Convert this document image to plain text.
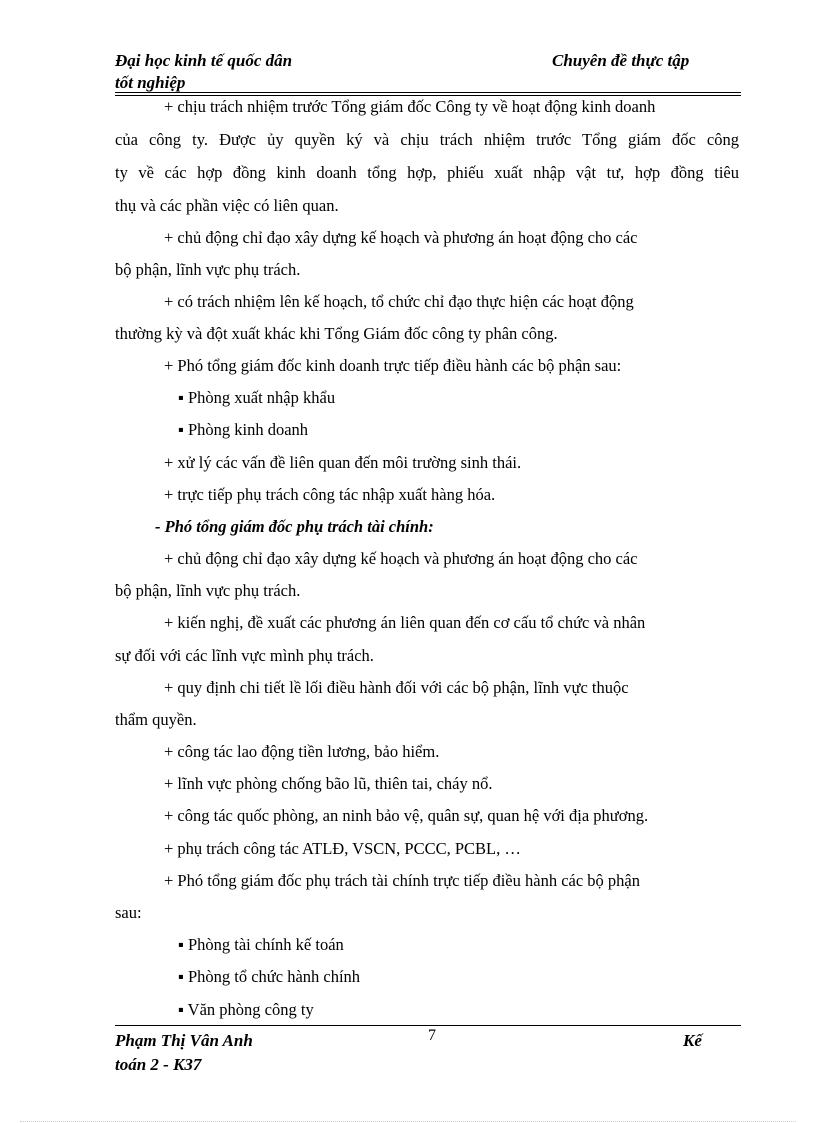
Đại học kinh tế quốc dân	Chuyên đề thực tập
tốt nghiệp
+ chịu trách nhiệm trước Tổng giám đốc Công ty về hoạt động kinh doanh
của công ty. Được ủy quyền ký và chịu trách nhiệm trước Tổng giám đốc công
ty về các hợp đồng kinh doanh tổng hợp, phiếu xuất nhập vật tư, hợp đồng tiêu
thụ và các phần việc có liên quan.
+ chủ động chỉ đạo xây dựng kế hoạch và phương án hoạt động cho các
bộ phận, lĩnh vực phụ trách.
+ có trách nhiệm lên kế hoạch, tổ chức chỉ đạo thực hiện các hoạt động
thường kỳ và đột xuất khác khi Tổng Giám đốc công ty phân công.
+ Phó tổng giám đốc kinh doanh trực tiếp điều hành các bộ phận sau:
▪ Phòng xuất nhập khẩu
▪ Phòng kinh doanh
+ xử lý các vấn đề liên quan đến môi trường sinh thái.
+ trực tiếp phụ trách công tác nhập xuất hàng hóa.
- Phó tổng giám đốc phụ trách tài chính:
+ chủ động chỉ đạo xây dựng kế hoạch và phương án hoạt động cho các
bộ phận, lĩnh vực phụ trách.
+ kiến nghị, đề xuất các phương án liên quan đến cơ cấu tổ chức và nhân
sự đối với các lĩnh vực mình phụ trách.
+ quy định chi tiết lề lối điều hành đối với các bộ phận, lĩnh vực thuộc
thẩm quyền.
+ công tác lao động tiền lương, bảo hiểm.
+ lĩnh vực phòng chống bão lũ, thiên tai, cháy nổ.
+ công tác quốc phòng, an ninh bảo vệ, quân sự, quan hệ với địa phương.
+ phụ trách công tác ATLĐ, VSCN, PCCC, PCBL, …
+ Phó tổng giám đốc phụ trách tài chính trực tiếp điều hành các bộ phận
sau:
▪ Phòng tài chính kế toán
▪ Phòng tổ chức hành chính
▪ Văn phòng công ty
7
Phạm Thị Vân Anh	Kế
toán 2 - K37
